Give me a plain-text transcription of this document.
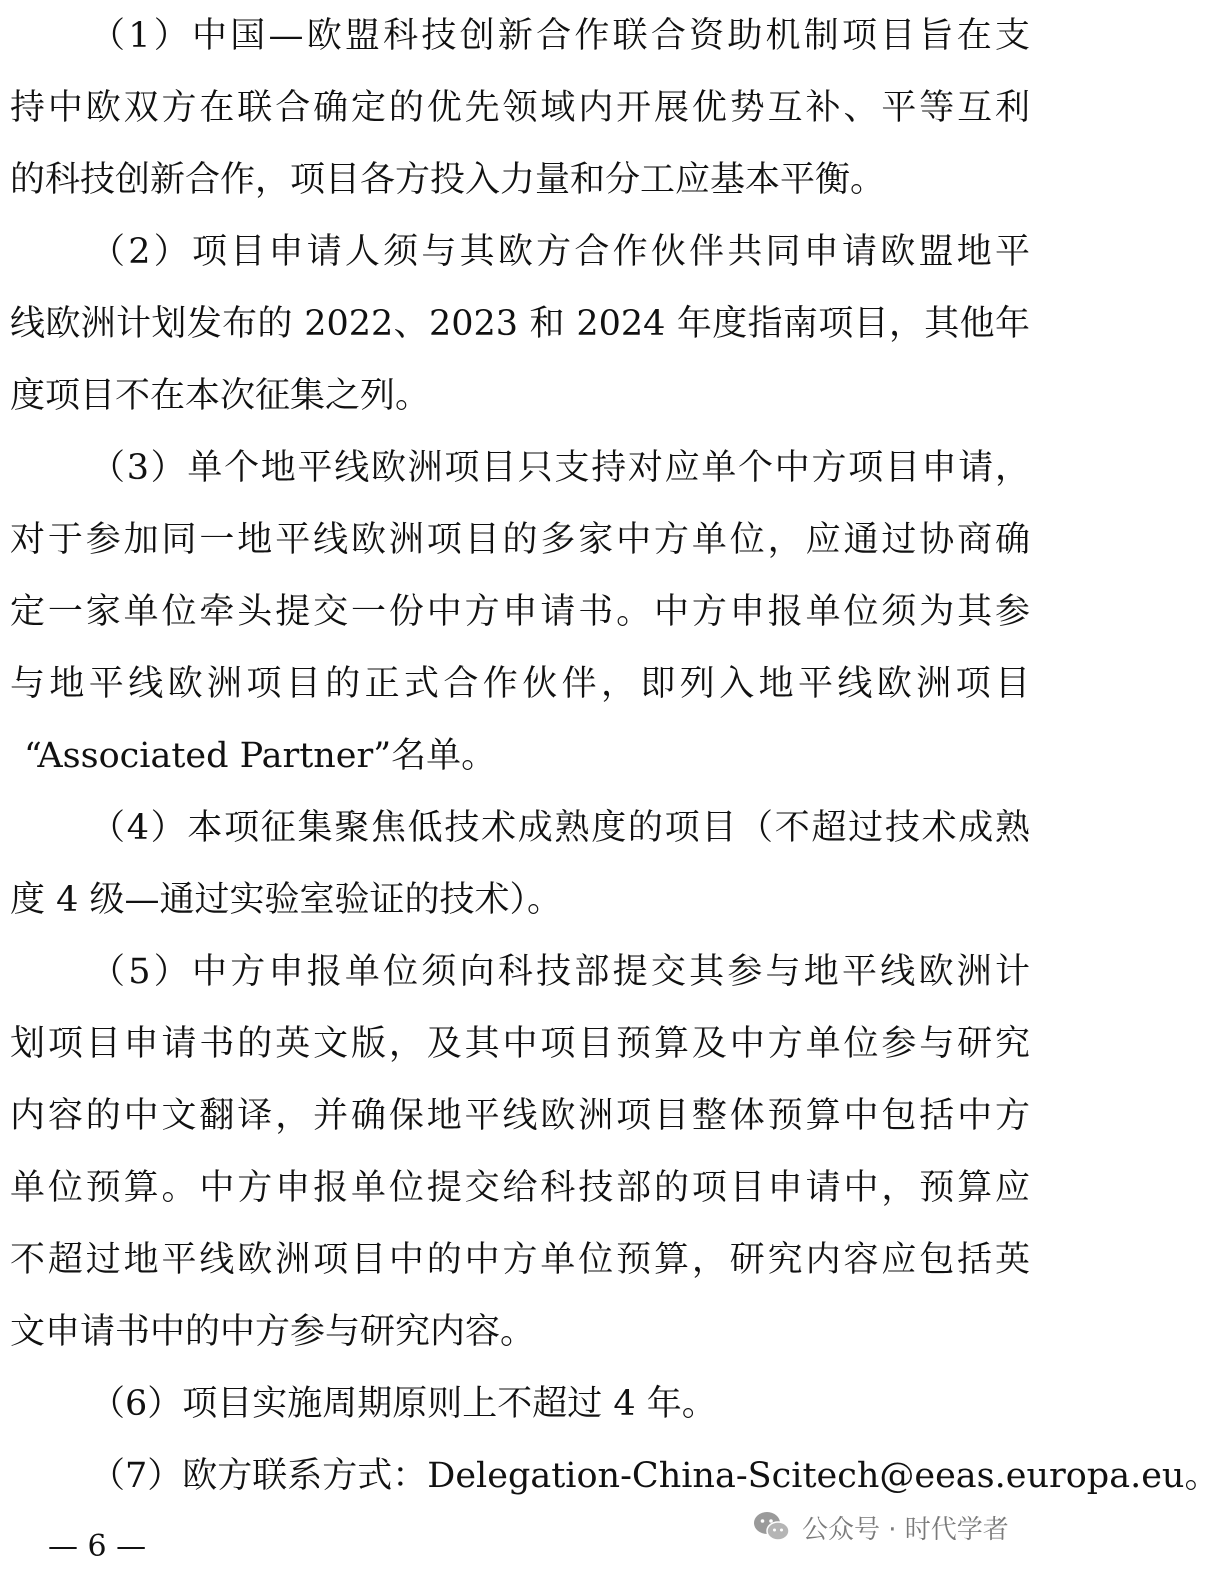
（1）中国—欧盟科技创新合作联合资助机制项目旨在支
持中欧双方在联合确定的优先领域内开展优势互补、平等互利
的科技创新合作，项目各方投入力量和分工应基本平衡。
（2）项目申请人须与其欧方合作伙伴共同申请欧盟地平
线欧洲计划发布的 2022、2023 和 2024 年度指南项目，其他年
度项目不在本次征集之列。
（3）单个地平线欧洲项目只支持对应单个中方项目申请，
对于参加同一地平线欧洲项目的多家中方单位，应通过协商确
定一家单位牵头提交一份中方申请书。中方申报单位须为其参
与地平线欧洲项目的正式合作伙伴，即列入地平线欧洲项目
“Associated Partner”名单。
（4）本项征集聚焦低技术成熟度的项目（不超过技术成熟
度 4 级—通过实验室验证的技术）。
（5）中方申报单位须向科技部提交其参与地平线欧洲计
划项目申请书的英文版，及其中项目预算及中方单位参与研究
内容的中文翻译，并确保地平线欧洲项目整体预算中包括中方
单位预算。中方申报单位提交给科技部的项目申请中，预算应
不超过地平线欧洲项目中的中方单位预算，研究内容应包括英
文申请书中的中方参与研究内容。
（6）项目实施周期原则上不超过 4 年。
（7）欧方联系方式：Delegation-China-Scitech@eeas.europa.eu。
— 6 —	公众号 · 时代学者
